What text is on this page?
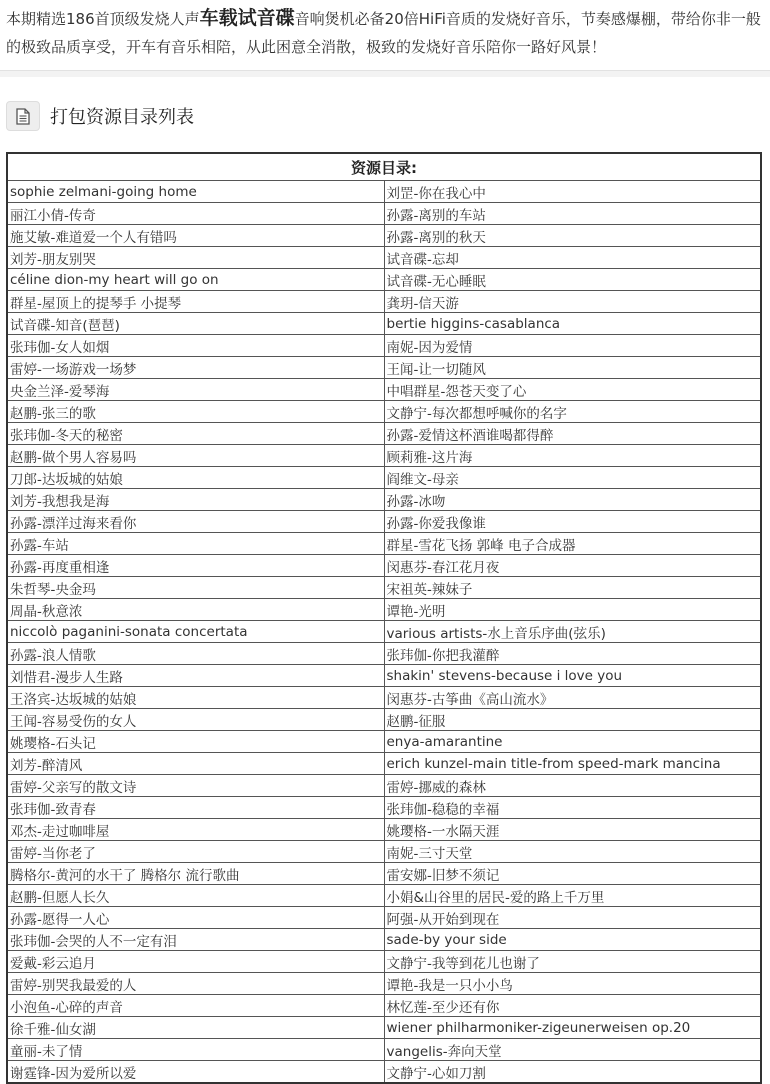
本期精选186首顶级发烧人声车载试音碟音响煲机必备20倍HiFi音质的发烧好音乐，节奏感爆棚，带给你非一般的极致品质享受，开车有音乐相陪，从此困意全消散，极致的发烧好音乐陪你一路好风景！
打包资源目录列表
资源目录:	
sophie zelmani-going home	刘罡-你在我心中
丽江小倩-传奇	孙露-离别的车站
施艾敏-难道爱一个人有错吗	孙露-离别的秋天
刘芳-朋友别哭	试音碟-忘却
céline dion-my heart will go on	试音碟-无心睡眠
群星-屋顶上的提琴手 小提琴	龚玥-信天游
试音碟-知音(琶琶)	bertie higgins-casablanca
张玮伽-女人如烟	南妮-因为爱情
雷婷-一场游戏一场梦	王闻-让一切随风
央金兰泽-爱琴海	中唱群星-怨苍天变了心
赵鹏-张三的歌	文静宁-每次都想呼喊你的名字
张玮伽-冬天的秘密	孙露-爱情这杯酒谁喝都得醉
赵鹏-做个男人容易吗	顾莉雅-这片海
刀郎-达坂城的姑娘	阎维文-母亲
刘芳-我想我是海	孙露-冰吻
孙露-漂洋过海来看你	孙露-你爱我像谁
孙露-车站	群星-雪花飞扬 郭峰 电子合成器
孙露-再度重相逢	闵惠芬-春江花月夜
朱哲琴-央金玛	宋祖英-辣妹子
周晶-秋意浓	谭艳-光明
niccolò paganini-sonata concertata	various artists-水上音乐序曲(弦乐)
孙露-浪人情歌	张玮伽-你把我灌醉
刘惜君-漫步人生路	shakin' stevens-because i love you
王洛宾-达坂城的姑娘	闵惠芬-古筝曲《高山流水》
王闻-容易受伤的女人	赵鹏-征服
姚璎格-石头记	enya-amarantine
刘芳-醉清风	erich kunzel-main title-from speed-mark mancina
雷婷-父亲写的散文诗	雷婷-挪威的森林
张玮伽-致青春	张玮伽-稳稳的幸福
邓杰-走过咖啡屋	姚璎格-一水隔天涯
雷婷-当你老了	南妮-三寸天堂
腾格尔-黄河的水干了 腾格尔 流行歌曲	雷安娜-旧梦不须记
赵鹏-但愿人长久	小娟&山谷里的居民-爱的路上千万里
孙露-愿得一人心	阿强-从开始到现在
张玮伽-会哭的人不一定有泪	sade-by your side
爱戴-彩云追月	文静宁-我等到花儿也谢了
雷婷-别哭我最爱的人	谭艳-我是一只小小鸟
小泡鱼-心碎的声音	林忆莲-至少还有你
徐千雅-仙女湖	wiener philharmoniker-zigeunerweisen op.20
童丽-未了情	vangelis-奔向天堂
谢霆锋-因为爱所以爱	文静宁-心如刀割
